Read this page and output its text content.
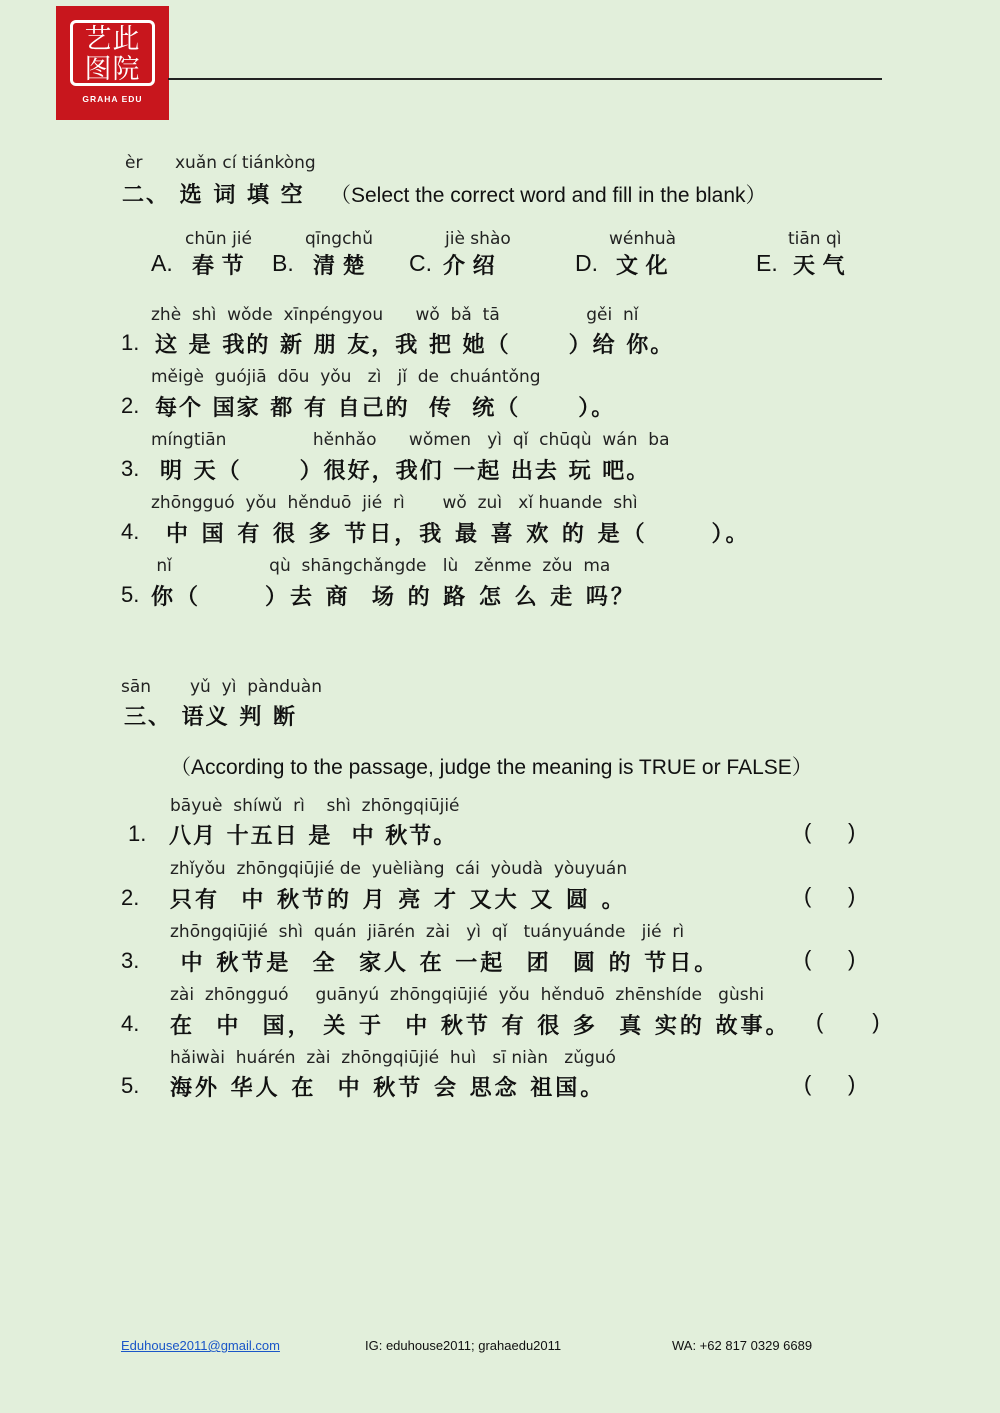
艺此
图院
GRAHA EDU
èr xuǎn cí tiánkòng
二、 选 词 填 空 （Select the correct word and fill in the blank）
chūn jié
A. 春 节
qīngchǔ
B. 清 楚
jiè shào
C. 介 绍
wénhuà
D. 文 化
tiān qì
E. 天 气
zhè  shì  wǒde  xīnpéngyou      wǒ  bǎ  tā                gěi  nǐ
1. 这 是 我的 新 朋 友，我 把 她（      ）给 你。
měigè  guójiā  dōu  yǒu   zì   jǐ  de  chuántǒng
2. 每个 国家 都 有 自己的  传  统（      ）。
míngtiān                hěnhǎo      wǒmen   yì  qǐ  chūqù  wán  ba
3. 明 天（      ）很好，我们 一起 出去 玩 吧。
zhōngguó  yǒu  hěnduō  jié  rì       wǒ  zuì   xǐ huande  shì
4. 中 国 有 很 多 节日，我 最 喜 欢 的 是（      ）。
nǐ                  qù  shāngchǎngde   lù   zěnme  zǒu  ma
5. 你（      ）去 商  场 的 路 怎 么 走 吗？
sān yǔ  yì  pànduàn
三、 语义 判 断
（According to the passage, judge the meaning is TRUE or FALSE）
bāyuè  shíwǔ  rì    shì  zhōngqiūjié
1. 八月 十五日 是  中 秋节。	(      )
zhǐyǒu  zhōngqiūjié de  yuèliàng  cái  yòudà  yòuyuán
2. 只有  中 秋节的 月 亮 才 又大 又 圆 。	(      )
zhōngqiūjié  shì  quán  jiārén  zài   yì  qǐ   tuányuánde   jié  rì
3. 中 秋节是  全  家人 在 一起  团  圆 的 节日。	(      )
zài  zhōngguó     guānyú  zhōngqiūjié  yǒu  hěnduō  zhēnshíde   gùshi
4. 在  中  国， 关 于  中 秋节 有 很 多  真 实的 故事。 (        )
hǎiwài  huárén  zài  zhōngqiūjié  huì   sī niàn   zǔguó
5. 海外 华人 在  中 秋节 会 思念 祖国。	(      )
Eduhouse2011@gmail.com	IG: eduhouse2011; grahaedu2011	WA: +62 817 0329 6689
